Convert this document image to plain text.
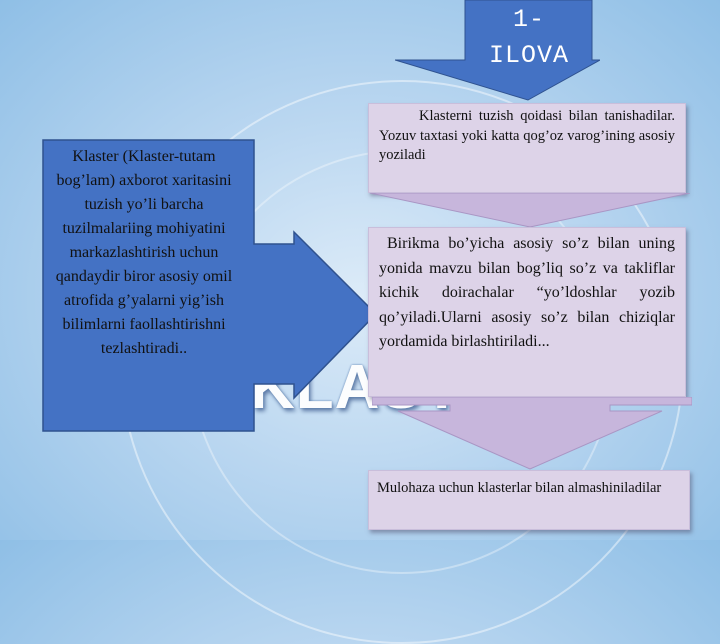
1-
ILOVA
Klaster (Klaster-tutam bog’lam) axborot xaritasini tuzish yo’li barcha tuzilmalariing mohiyatini markazlashtirish uchun qandaydir biror asosiy omil atrofida g’yalarni yig’ish bilimlarni faollashtirishni tezlashtiradi..
Klasterni tuzish qoidasi bilan tanishadilar. Yozuv taxtasi yoki katta qog’oz varog’ining asosiy yoziladi
Birikma bo’yicha asosiy so’z bilan uning yonida mavzu bilan bog’liq so’z va takliflar kichik doirachalar “yo’ldoshlar yozib qo’yiladi.Ularni asosiy so’z bilan chiziqlar yordamida birlashtiriladi...
Mulohaza uchun klasterlar bilan almashiniladilar
